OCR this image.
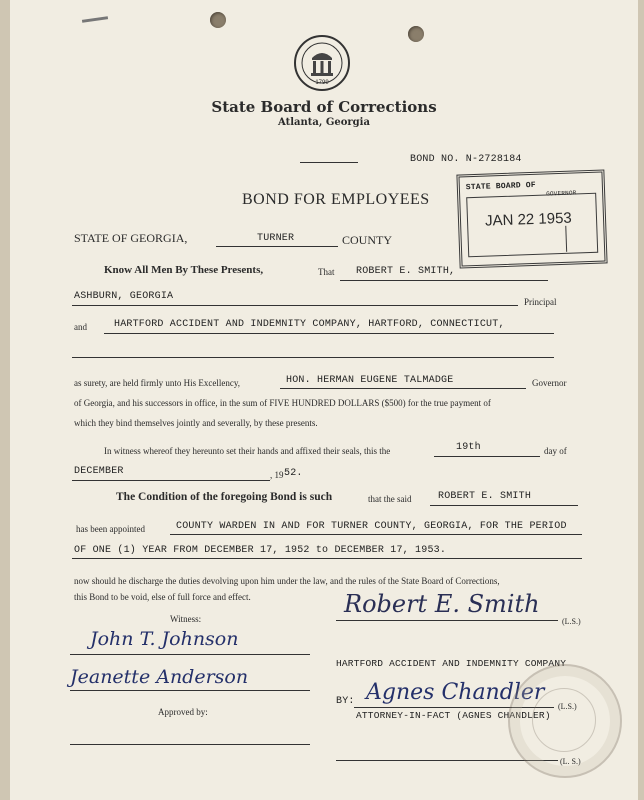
1799
State Board of Corrections
Atlanta, Georgia
BOND NO. N-2728184
STATE BOARD OF
GOVERNOR
JAN 22 1953
BOND FOR EMPLOYEES
STATE OF GEORGIA,	TURNER	COUNTY
Know All Men By These Presents,	That ROBERT E. SMITH,
ASHBURN, GEORGIA	Principal
and	HARTFORD ACCIDENT AND INDEMNITY COMPANY, HARTFORD, CONNECTICUT,
as surety, are held firmly unto His Excellency,	HON. HERMAN EUGENE TALMADGE	Governor
of Georgia, and his successors in office, in the sum of FIVE HUNDRED DOLLARS ($500) for the true payment of
which they bind themselves jointly and severally, by these presents.
In witness whereof they hereunto set their hands and affixed their seals, this the	19th	day of
DECEMBER	, 19 52.
The Condition of the foregoing Bond is such	that the said	ROBERT E. SMITH
has been appointed	COUNTY WARDEN IN AND FOR TURNER COUNTY, GEORGIA, FOR THE PERIOD
OF ONE (1) YEAR FROM DECEMBER 17, 1952 to DECEMBER 17, 1953.
now should he discharge the duties devolving upon him under the law, and the rules of the State Board of Corrections,
this Bond to be void, else of full force and effect.	Robert E. Smith
(L.S.)
Witness:
John T. Johnson
Jeanette Anderson
Approved by:
HARTFORD ACCIDENT AND INDEMNITY COMPANY
BY: Agnes Chandler
(L.S.)
ATTORNEY-IN-FACT (AGNES CHANDLER)
(L. S.)
